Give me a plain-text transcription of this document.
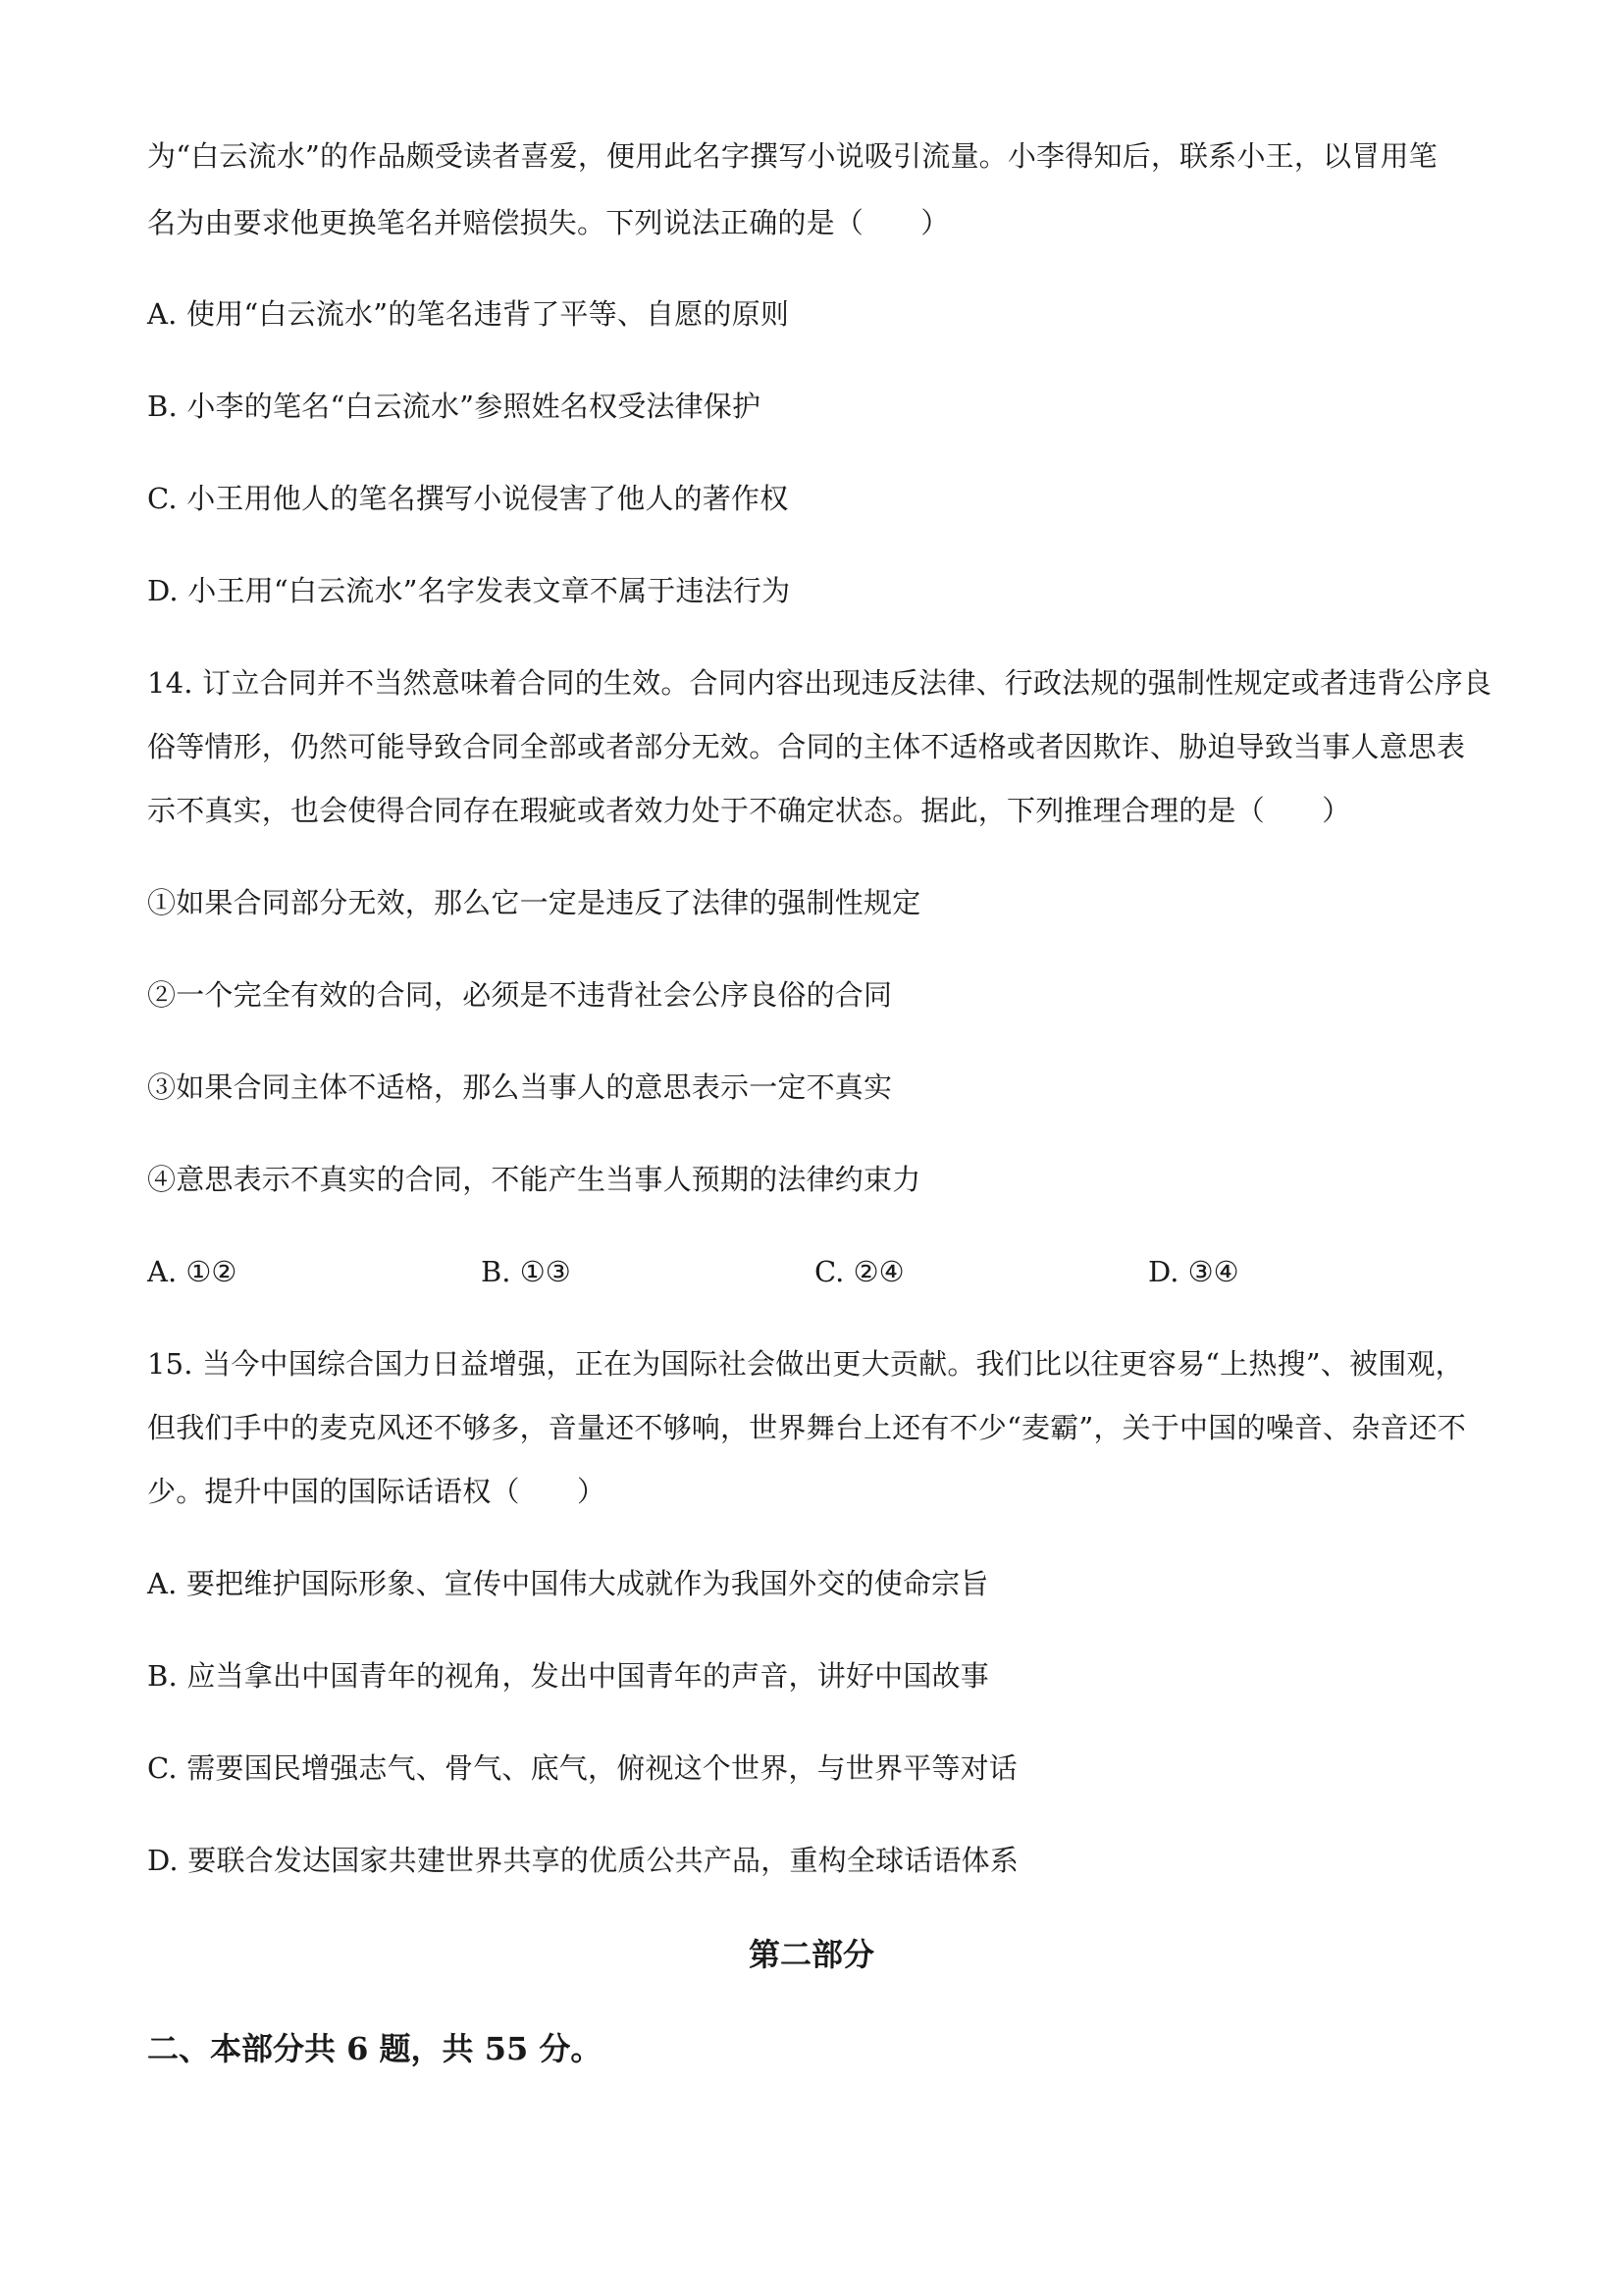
为“白云流水”的作品颇受读者喜爱，便用此名字撰写小说吸引流量。小李得知后，联系小王，以冒用笔
名为由要求他更换笔名并赔偿损失。下列说法正确的是（　　）
A. 使用“白云流水”的笔名违背了平等、自愿的原则
B. 小李的笔名“白云流水”参照姓名权受法律保护
C. 小王用他人的笔名撰写小说侵害了他人的著作权
D. 小王用“白云流水”名字发表文章不属于违法行为
14. 订立合同并不当然意味着合同的生效。合同内容出现违反法律、行政法规的强制性规定或者违背公序良
俗等情形，仍然可能导致合同全部或者部分无效。合同的主体不适格或者因欺诈、胁迫导致当事人意思表
示不真实，也会使得合同存在瑕疵或者效力处于不确定状态。据此，下列推理合理的是（　　）
①如果合同部分无效，那么它一定是违反了法律的强制性规定
②一个完全有效的合同，必须是不违背社会公序良俗的合同
③如果合同主体不适格，那么当事人的意思表示一定不真实
④意思表示不真实的合同，不能产生当事人预期的法律约束力
A. ①②	B. ①③	C. ②④	D. ③④
15. 当今中国综合国力日益增强，正在为国际社会做出更大贡献。我们比以往更容易“上热搜”、被围观，
但我们手中的麦克风还不够多，音量还不够响，世界舞台上还有不少“麦霸”，关于中国的噪音、杂音还不
少。提升中国的国际话语权（　　）
A. 要把维护国际形象、宣传中国伟大成就作为我国外交的使命宗旨
B. 应当拿出中国青年的视角，发出中国青年的声音，讲好中国故事
C. 需要国民增强志气、骨气、底气，俯视这个世界，与世界平等对话
D. 要联合发达国家共建世界共享的优质公共产品，重构全球话语体系
第二部分
二、本部分共 6 题，共 55 分。
